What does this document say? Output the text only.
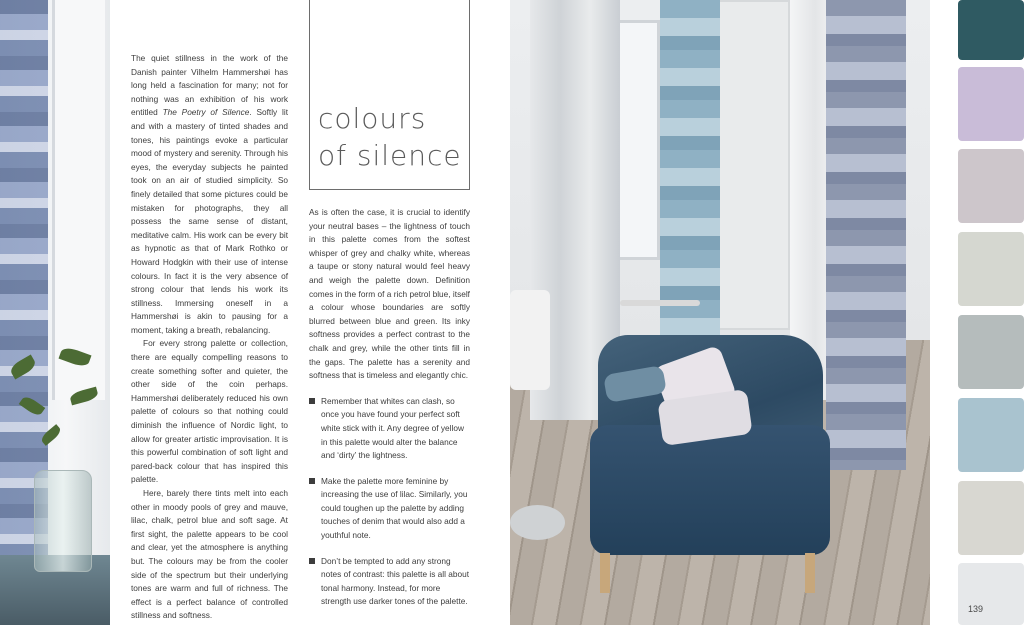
The quiet stillness in the work of the Danish painter Vilhelm Hammershøi has long held a fascination for many; not for nothing was an exhibition of his work entitled The Poetry of Silence. Softly lit and with a mastery of tinted shades and tones, his paintings evoke a particular mood of mystery and serenity. Through his eyes, the everyday subjects he painted took on an air of studied simplicity. So finely detailed that some pictures could be mistaken for photographs, they all possess the same sense of distant, meditative calm. His work can be every bit as hypnotic as that of Mark Rothko or Howard Hodgkin with their use of intense colours. In fact it is the very absence of strong colour that lends his work its stillness. Immersing oneself in a Hammershøi is akin to pausing for a moment, taking a breath, rebalancing.

For every strong palette or collection, there are equally compelling reasons to create something softer and quieter, the other side of the coin perhaps. Hammershøi deliberately reduced his own palette of colours so that nothing could diminish the influence of Nordic light, to allow for greater artistic improvisation. It is this powerful combination of soft light and pared-back colour that has inspired this palette.

Here, barely there tints melt into each other in moody pools of grey and mauve, lilac, chalk, petrol blue and soft sage. At first sight, the palette appears to be cool and clear, yet the atmosphere is anything but. The colours may be from the cooler side of the spectrum but their underlying tones are warm and full of richness. The effect is a perfect balance of controlled stillness and softness.

colours
of silence

As is often the case, it is crucial to identify your neutral bases – the lightness of touch in this palette comes from the softest whisper of grey and chalky white, whereas a taupe or stony natural would feel heavy and weigh the palette down. Definition comes in the form of a rich petrol blue, itself a colour whose boundaries are softly blurred between blue and green. Its inky softness provides a perfect contrast to the chalk and grey, while the other tints fill in the gaps. The palette has a serenity and softness that is timeless and elegantly chic.

Remember that whites can clash, so once you have found your perfect soft white stick with it. Any degree of yellow in this palette would alter the balance and ‘dirty’ the lightness.
Make the palette more feminine by increasing the use of lilac. Similarly, you could toughen up the palette by adding touches of denim that would also add a youthful note.
Don’t be tempted to add any strong notes of contrast: this palette is all about tonal harmony. Instead, for more strength use darker tones of the palette.
139
